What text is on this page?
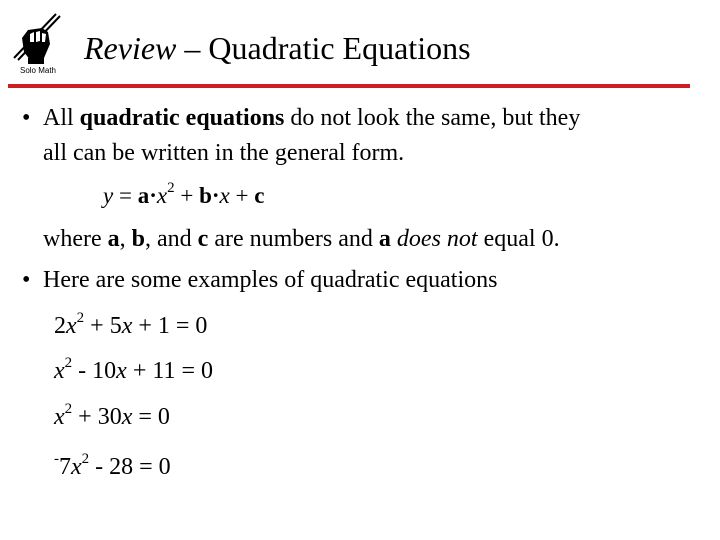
Solo Math
Review – Quadratic Equations
• All quadratic equations do not look the same, but they
all can be written in the general form.
$y = a\cdot x^2 + b\cdot x + c$
where a, b, and c are numbers and a does not equal 0.
• Here are some examples of quadratic equations
$2x^2 + 5x + 1 = 0$
$x^2 - 10x + 11 = 0$
$x^2 + 30x = 0$
$^-7x^2 - 28 = 0$
